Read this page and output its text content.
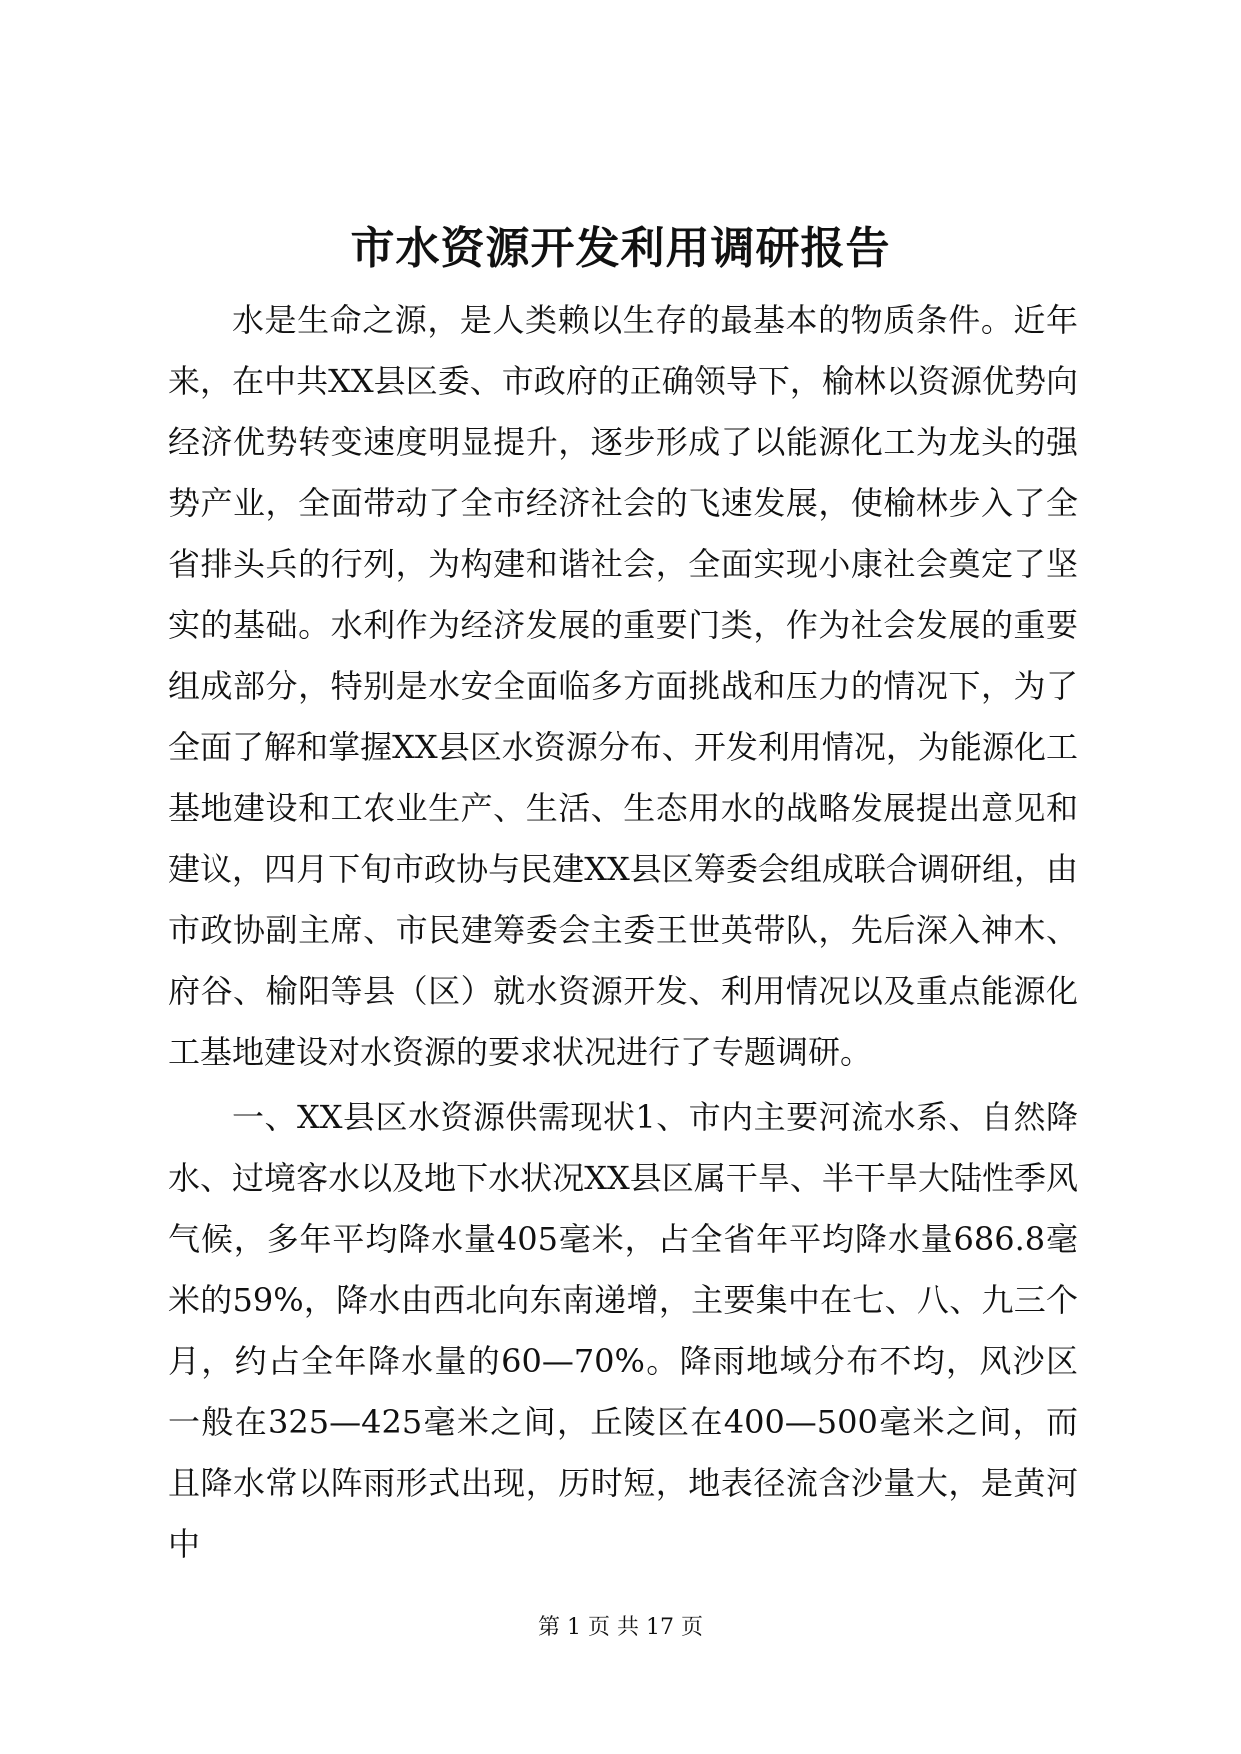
市水资源开发利用调研报告

水是生命之源，是人类赖以生存的最基本的物质条件。近年来，在中共XX县区委、市政府的正确领导下，榆林以资源优势向经济优势转变速度明显提升，逐步形成了以能源化工为龙头的强势产业，全面带动了全市经济社会的飞速发展，使榆林步入了全省排头兵的行列，为构建和谐社会，全面实现小康社会奠定了坚实的基础。水利作为经济发展的重要门类，作为社会发展的重要组成部分，特别是水安全面临多方面挑战和压力的情况下，为了全面了解和掌握XX县区水资源分布、开发利用情况，为能源化工基地建设和工农业生产、生活、生态用水的战略发展提出意见和建议，四月下旬市政协与民建XX县区筹委会组成联合调研组，由市政协副主席、市民建筹委会主委王世英带队，先后深入神木、府谷、榆阳等县（区）就水资源开发、利用情况以及重点能源化工基地建设对水资源的要求状况进行了专题调研。

一、XX县区水资源供需现状1、市内主要河流水系、自然降水、过境客水以及地下水状况XX县区属干旱、半干旱大陆性季风气候，多年平均降水量405毫米，占全省年平均降水量686.8毫米的59%，降水由西北向东南递增，主要集中在七、八、九三个月，约占全年降水量的60—70%。降雨地域分布不均，风沙区一般在325—425毫米之间，丘陵区在400—500毫米之间，而且降水常以阵雨形式出现，历时短，地表径流含沙量大，是黄河中

第 1 页 共 17 页
